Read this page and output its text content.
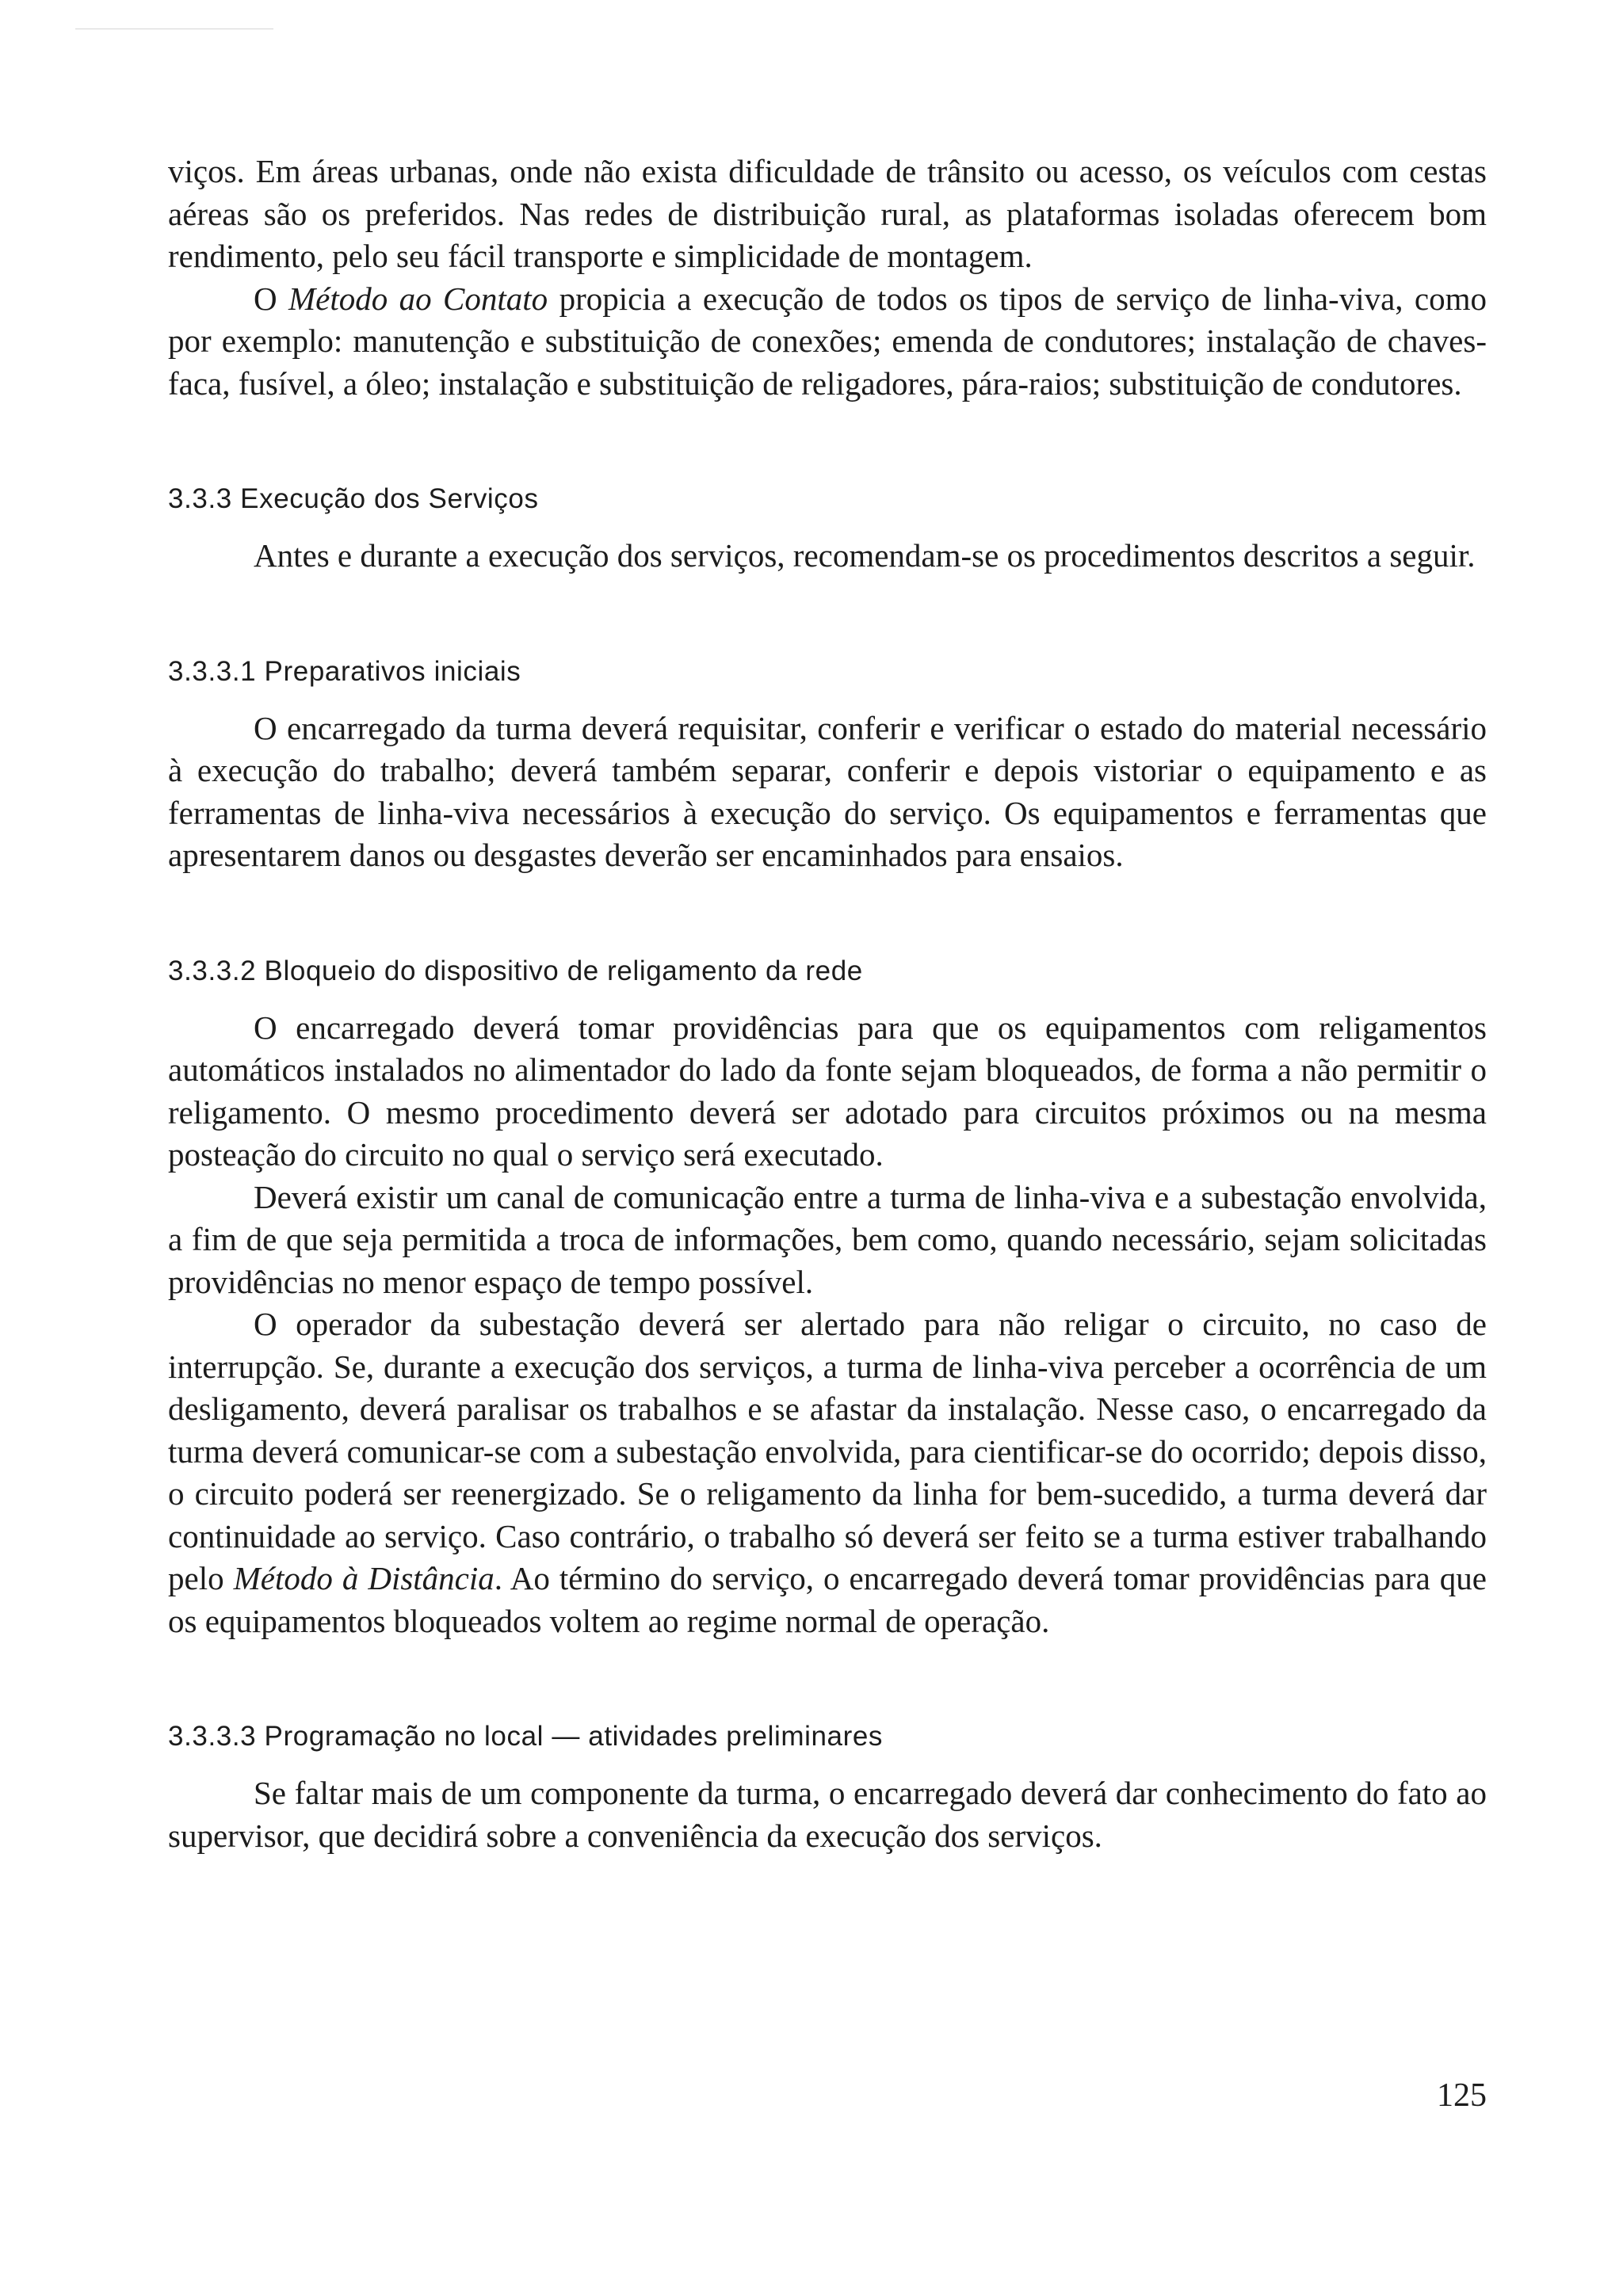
viços. Em áreas urbanas, onde não exista dificuldade de trânsito ou acesso, os veículos com cestas aéreas são os preferidos. Nas redes de distribuição rural, as plataformas isoladas oferecem bom rendimento, pelo seu fácil transporte e simplicidade de montagem.

O Método ao Contato propicia a execução de todos os tipos de serviço de linha-viva, como por exemplo: manutenção e substituição de conexões; emenda de condutores; instalação de chaves-faca, fusível, a óleo; instalação e substituição de religadores, pára-raios; substituição de condutores.

3.3.3 Execução dos Serviços

Antes e durante a execução dos serviços, recomendam-se os procedimentos descritos a seguir.

3.3.3.1 Preparativos iniciais

O encarregado da turma deverá requisitar, conferir e verificar o estado do material necessário à execução do trabalho; deverá também separar, conferir e depois vistoriar o equipamento e as ferramentas de linha-viva necessários à execução do serviço. Os equipamentos e ferramentas que apresentarem danos ou desgastes deverão ser encaminhados para ensaios.

3.3.3.2 Bloqueio do dispositivo de religamento da rede

O encarregado deverá tomar providências para que os equipamentos com religamentos automáticos instalados no alimentador do lado da fonte sejam bloqueados, de forma a não permitir o religamento. O mesmo procedimento deverá ser adotado para circuitos próximos ou na mesma posteação do circuito no qual o serviço será executado.

Deverá existir um canal de comunicação entre a turma de linha-viva e a subestação envolvida, a fim de que seja permitida a troca de informações, bem como, quando necessário, sejam solicitadas providências no menor espaço de tempo possível.

O operador da subestação deverá ser alertado para não religar o circuito, no caso de interrupção. Se, durante a execução dos serviços, a turma de linha-viva perceber a ocorrência de um desligamento, deverá paralisar os trabalhos e se afastar da instalação. Nesse caso, o encarregado da turma deverá comunicar-se com a subestação envolvida, para cientificar-se do ocorrido; depois disso, o circuito poderá ser reenergizado. Se o religamento da linha for bem-sucedido, a turma deverá dar continuidade ao serviço. Caso contrário, o trabalho só deverá ser feito se a turma estiver trabalhando pelo Método à Distância. Ao término do serviço, o encarregado deverá tomar providências para que os equipamentos bloqueados voltem ao regime normal de operação.

3.3.3.3 Programação no local — atividades preliminares

Se faltar mais de um componente da turma, o encarregado deverá dar conhecimento do fato ao supervisor, que decidirá sobre a conveniência da execução dos serviços.

125
